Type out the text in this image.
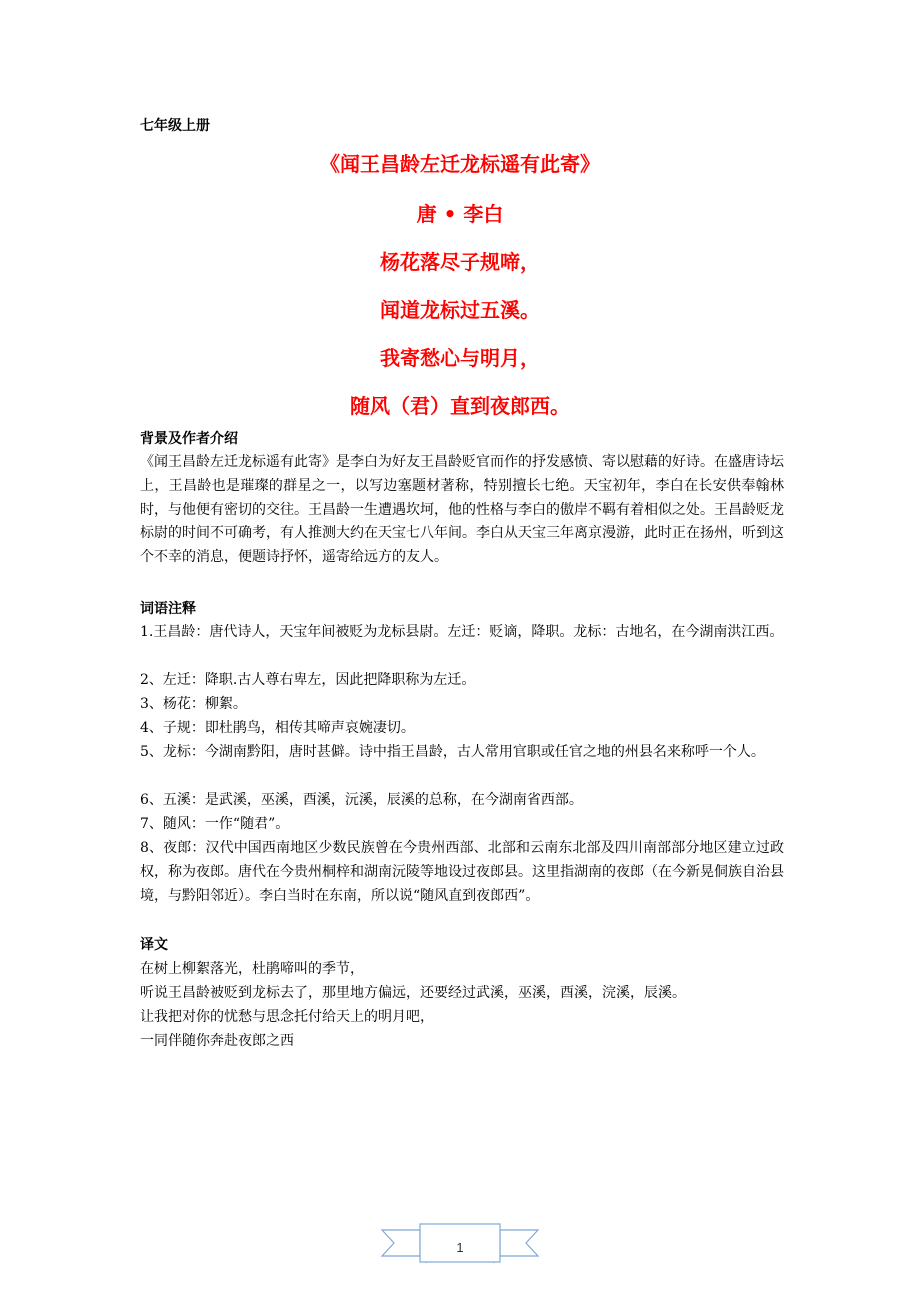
七年级上册
《闻王昌龄左迁龙标遥有此寄》
唐 • 李白
杨花落尽子规啼，
闻道龙标过五溪。
我寄愁心与明月，
随风（君）直到夜郎西。
背景及作者介绍
《闻王昌龄左迁龙标遥有此寄》是李白为好友王昌龄贬官而作的抒发感愤、寄以慰藉的好诗。在盛唐诗坛上，王昌龄也是璀璨的群星之一，以写边塞题材著称，特别擅长七绝。天宝初年，李白在长安供奉翰林时，与他便有密切的交往。王昌龄一生遭遇坎坷，他的性格与李白的傲岸不羁有着相似之处。王昌龄贬龙标尉的时间不可确考，有人推测大约在天宝七八年间。李白从天宝三年离京漫游，此时正在扬州，听到这个不幸的消息，便题诗抒怀，遥寄给远方的友人。
词语注释
1.王昌龄：唐代诗人，天宝年间被贬为龙标县尉。左迁：贬谪，降职。龙标：古地名，在今湖南洪江西。
2、左迁：降职.古人尊右卑左，因此把降职称为左迁。
3、杨花：柳絮。
4、子规：即杜鹃鸟，相传其啼声哀婉凄切。
5、龙标：今湖南黔阳，唐时甚僻。诗中指王昌龄，古人常用官职或任官之地的州县名来称呼一个人。
6、五溪：是武溪，巫溪，酉溪，沅溪，辰溪的总称，在今湖南省西部。
7、随风：一作“随君”。
8、夜郎：汉代中国西南地区少数民族曾在今贵州西部、北部和云南东北部及四川南部部分地区建立过政权，称为夜郎。唐代在今贵州桐梓和湖南沅陵等地设过夜郎县。这里指湖南的夜郎（在今新晃侗族自治县境，与黔阳邻近）。李白当时在东南，所以说“随风直到夜郎西”。
译文
在树上柳絮落光，杜鹃啼叫的季节，
听说王昌龄被贬到龙标去了，那里地方偏远，还要经过武溪，巫溪，酉溪，浣溪，辰溪。
让我把对你的忧愁与思念托付给天上的明月吧，
一同伴随你奔赴夜郎之西
1
